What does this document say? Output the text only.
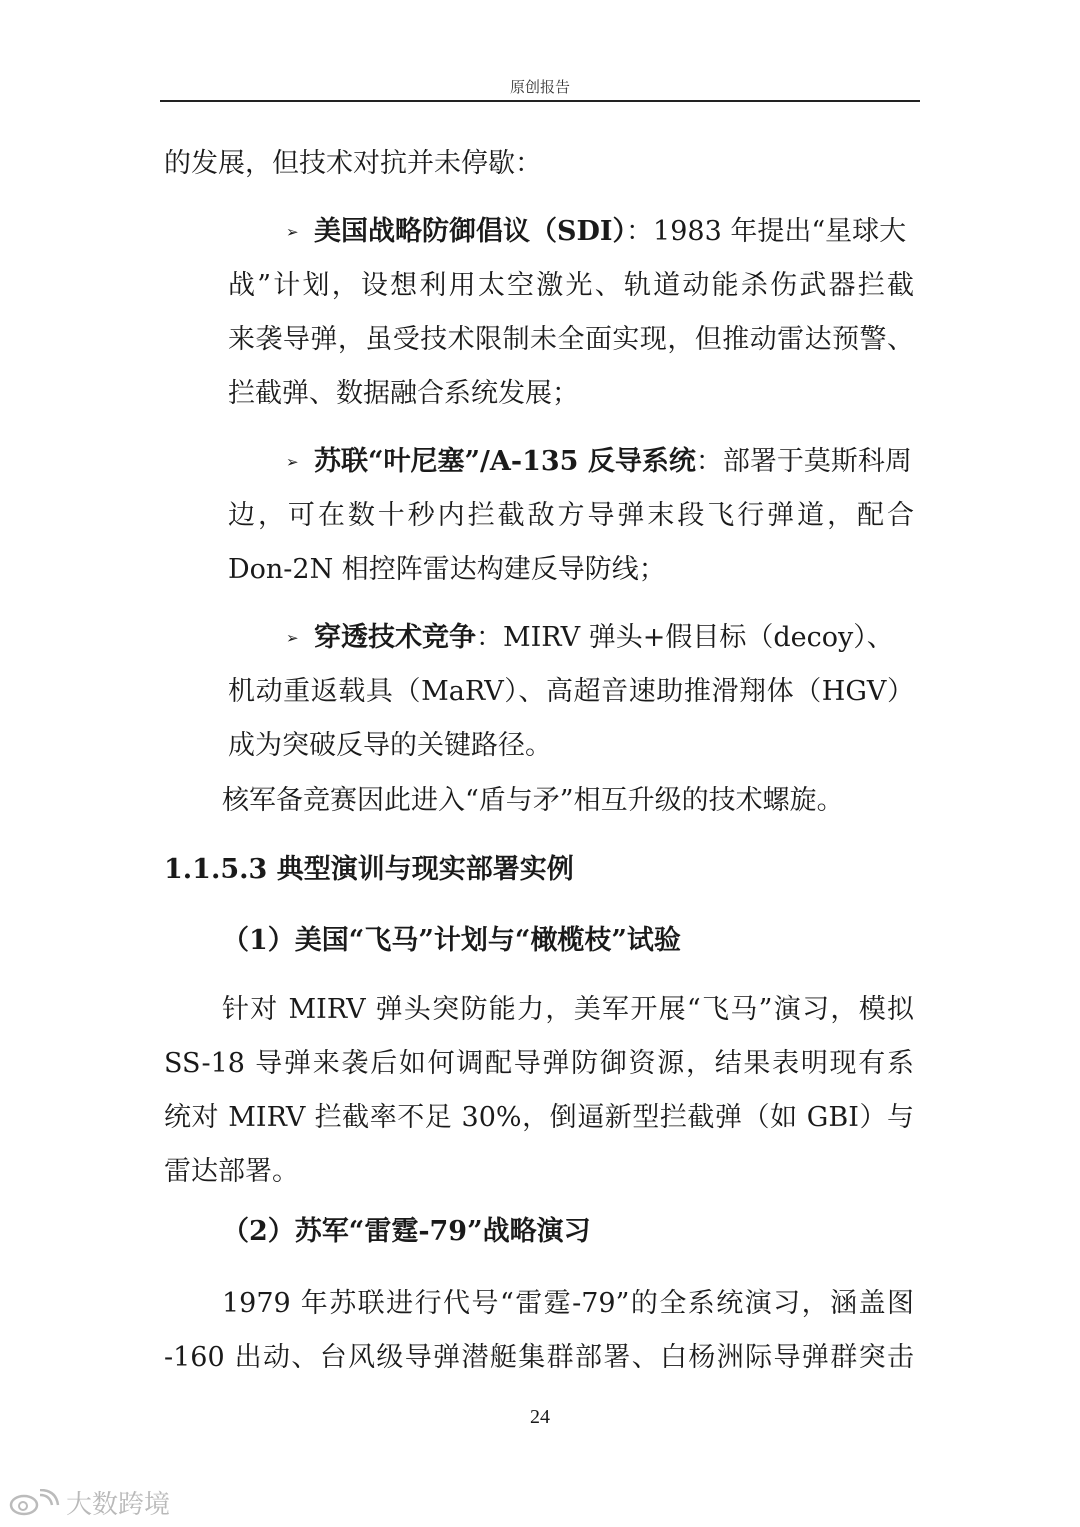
原创报告

的发展，但技术对抗并未停歇：

➢ 美国战略防御倡议（SDI）：1983 年提出“星球大

战”计划，设想利用太空激光、轨道动能杀伤武器拦截

来袭导弹，虽受技术限制未全面实现，但推动雷达预警、

拦截弹、数据融合系统发展；

➢ 苏联“叶尼塞”/A-135 反导系统：部署于莫斯科周

边，可在数十秒内拦截敌方导弹末段飞行弹道，配合

Don-2N 相控阵雷达构建反导防线；

➢ 穿透技术竞争：MIRV 弹头+假目标（decoy）、

机动重返载具（MaRV）、高超音速助推滑翔体（HGV）

成为突破反导的关键路径。

核军备竞赛因此进入“盾与矛”相互升级的技术螺旋。

1.1.5.3 典型演训与现实部署实例

（1）美国“飞马”计划与“橄榄枝”试验

针对 MIRV 弹头突防能力，美军开展“飞马”演习，模拟

SS-18 导弹来袭后如何调配导弹防御资源，结果表明现有系

统对 MIRV 拦截率不足 30%，倒逼新型拦截弹（如 GBI）与

雷达部署。

（2）苏军“雷霆-79”战略演习

1979 年苏联进行代号“雷霆-79”的全系统演习，涵盖图

-160 出动、台风级导弹潜艇集群部署、白杨洲际导弹群突击

24
大数跨境
